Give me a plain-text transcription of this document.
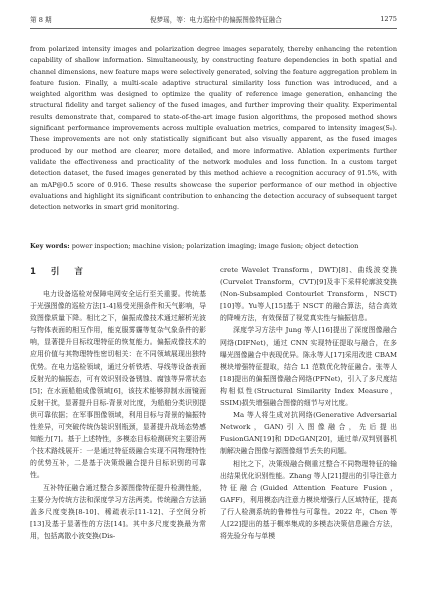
第 8 期	倪梦瑶，等：电力巡检中的偏振图像特征融合	1275
from polarized intensity images and polarization degree images separately, thereby enhancing the retention capability of shallow information. Simultaneously, by constructing feature dependencies in both spatial and channel dimensions, new feature maps were selectively generated, solving the feature aggregation problem in feature fusion. Finally, a multi-scale adaptive structural similarity loss function was introduced, and a weighted algorithm was designed to optimize the quality of reference image generation, enhancing the structural fidelity and target saliency of the fused images, and further improving their quality. Experimental results demonstrate that, compared to state-of-the-art image fusion algorithms, the proposed method shows significant performance improvements across multiple evaluation metrics, compared to intensity images(S₀). These improvements are not only statistically significant but also visually apparent, as the fused images produced by our method are clearer, more detailed, and more informative. Ablation experiments further validate the effectiveness and practicality of the network modules and loss function. In a custom target detection dataset, the fused images generated by this method achieve a recognition accuracy of 91.5%, with an mAP@0.5 score of 0.916. These results showcase the superior performance of our method in objective evaluations and highlight its significant contribution to enhancing the detection accuracy of subsequent target detection networks in smart grid monitoring.
Key words: power inspection; machine vision; polarization imaging; image fusion; object detection
1 引 言

电力设备巡检对保障电网安全运行至关重要。传统基于光强图像的巡检方法[1-4]易受光照条件和天气影响，导致图像质量下降。相比之下，偏振成像技术通过解析光波与物体表面的相互作用，能克服雾霾等复杂气象条件的影响，显著提升目标纹理特征的恢复能力。偏振成像技术的应用价值与其物理特性密切相关：在不同领域展现出独特优势。在电力巡检领域，通过分析铁塔、导线等设备表面反射光的偏振态，可有效识别设备锈蚀、腐蚀等异常状态[5]；在水面船舶成像领域[6]，该技术能够抑制水面镜面反射干扰，显著提升目标-背景对比度，为船舶分类识别提供可靠依据；在军事图像领域，利用目标与背景的偏振特性差异，可突破传统伪装识别瓶颈，显著提升战场态势感知能力[7]。基于上述特性，多模态目标检测研究主要沿两个技术路线展开：一是通过特征级融合实现不同物理特性的优势互补，二是基于决策级融合提升目标识别的可靠性。

互补特征融合通过整合多源图像特征提升检测性能，主要分为传统方法和深度学习方法两类。传统融合方法涵盖多尺度变换[8-10]、稀疏表示[11-12]、子空间分析[13]及基于显著性的方法[14]。其中多尺度变换最为常用，包括离散小波变换(Dis-

crete Wavelet Transform，DWT)[8]、曲线波变换(Curvelet Transform，CVT)[9]及非下采样轮廓波变换(Non-Subsampled Contourlet Transform，NSCT)[10]等。Yu等人[15]基于 NSCT 的融合算法，结合高效的降噪方法，有效保留了视觉真实性与偏振信息。

深度学习方法中 Jung 等人[16]提出了深度图像融合网络(DIFNet)，通过 CNN 实现特征提取与融合，在多曝光图像融合中表现优异。陈永等人[17]采用改进 CBAM 模块增强特征提取，结合 L1 范数优化特征融合。张等人[18]提出的偏振图像融合网络(PFNet)，引入了多尺度结构相似性(Structural Similarity Index Measure，SSIM)损失增强融合图像的细节与对比度。

Ma 等人将生成对抗网络(Generative Adversarial Network，GAN)引入图像融合，先后提出FusionGAN[19]和 DDcGAN[20]，通过单/双判别器机制解决融合图像与源图像细节丢失的问题。

相比之下，决策级融合侧重过整合不同物理特征的输出结果优化识别性能。Zhang 等人[21]提出的引导注意力特征融合(Guided Attention Feature Fusion，GAFF)，利用模态内注意力模块增强行人区域特征，提高了行人检测系统的鲁棒性与可靠性。2022 年，Chen 等人[22]提出的基于概率集成的多模态决策信息融合方法，将先验分布与单模
